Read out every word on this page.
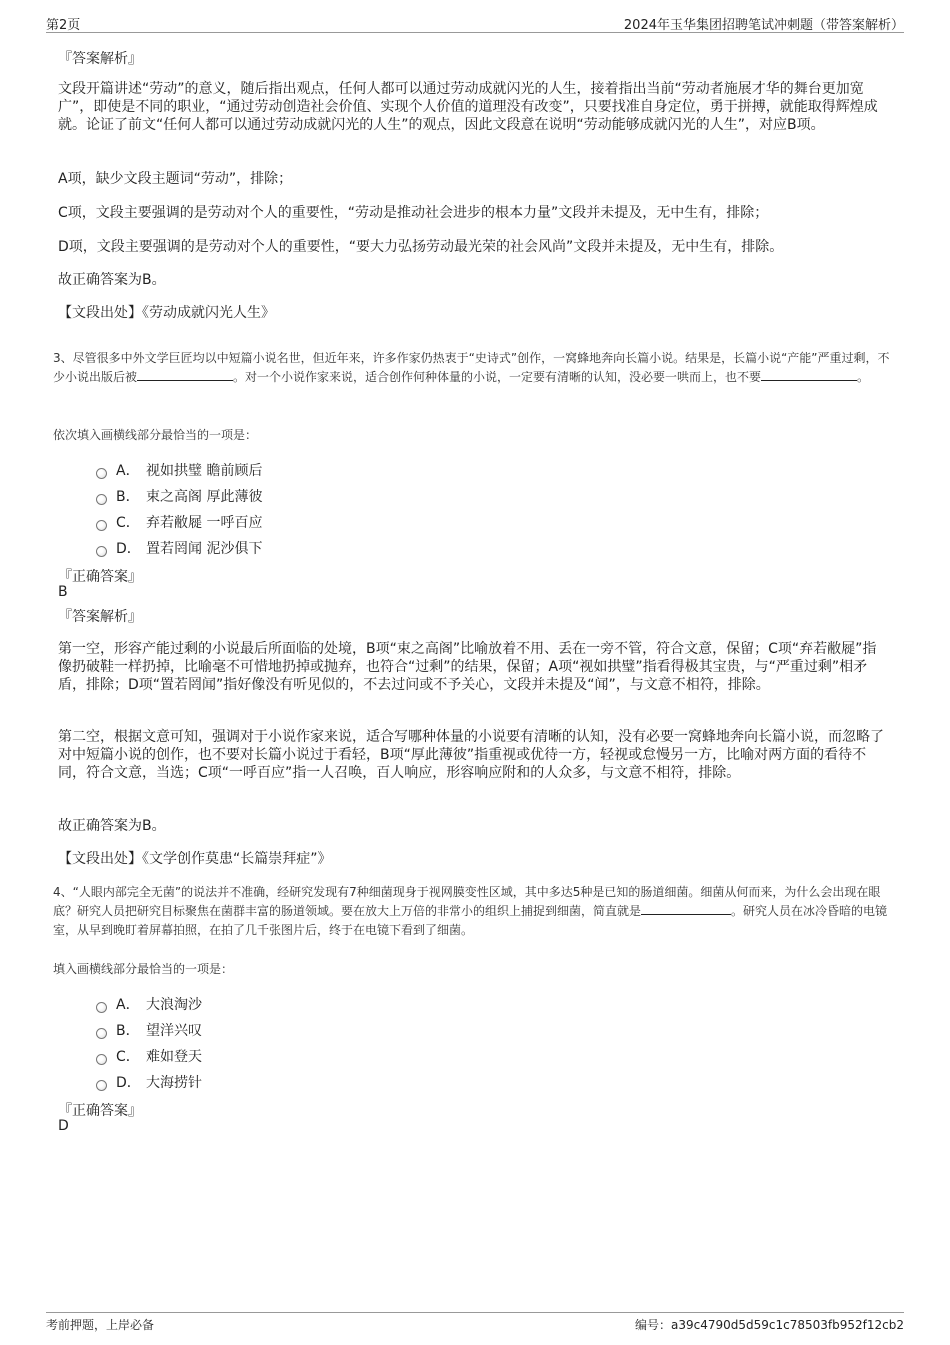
第2页	2024年玉华集团招聘笔试冲刺题（带答案解析）
『答案解析』

文段开篇讲述“劳动”的意义，随后指出观点，任何人都可以通过劳动成就闪光的人生，接着指出当前“劳动者施展才华的舞台更加宽广”，即使是不同的职业，“通过劳动创造社会价值、实现个人价值的道理没有改变”，只要找准自身定位，勇于拼搏，就能取得辉煌成就。论证了前文“任何人都可以通过劳动成就闪光的人生”的观点，因此文段意在说明“劳动能够成就闪光的人生”，对应B项。

A项，缺少文段主题词“劳动”，排除；
C项，文段主要强调的是劳动对个人的重要性，“劳动是推动社会进步的根本力量”文段并未提及，无中生有，排除；
D项，文段主要强调的是劳动对个人的重要性，“要大力弘扬劳动最光荣的社会风尚”文段并未提及，无中生有，排除。
故正确答案为B。
【文段出处】《劳动成就闪光人生》

3、尽管很多中外文学巨匠均以中短篇小说名世，但近年来，许多作家仍热衷于“史诗式”创作，一窝蜂地奔向长篇小说。结果是，长篇小说“产能”严重过剩，不少小说出版后被	。对一个小说作家来说，适合创作何种体量的小说，一定要有清晰的认知，没必要一哄而上，也不要	。

依次填入画横线部分最恰当的一项是：
A． 视如拱璧 瞻前顾后
B． 束之高阁 厚此薄彼
C． 弃若敝屣 一呼百应
D． 置若罔闻 泥沙俱下
『正确答案』
B
『答案解析』
第一空，形容产能过剩的小说最后所面临的处境，B项“束之高阁”比喻放着不用、丢在一旁不管，符合文意，保留；C项“弃若敝屣”指像扔破鞋一样扔掉，比喻毫不可惜地扔掉或抛弃，也符合“过剩”的结果，保留；A项“视如拱璧”指看得极其宝贵，与“严重过剩”相矛盾，排除；D项“置若罔闻”指好像没有听见似的，不去过问或不予关心，文段并未提及“闻”，与文意不相符，排除。
第二空，根据文意可知，强调对于小说作家来说，适合写哪种体量的小说要有清晰的认知，没有必要一窝蜂地奔向长篇小说，而忽略了对中短篇小说的创作，也不要对长篇小说过于看轻，B项“厚此薄彼”指重视或优待一方，轻视或怠慢另一方，比喻对两方面的看待不同，符合文意，当选；C项“一呼百应”指一人召唤，百人响应，形容响应附和的人众多，与文意不相符，排除。
故正确答案为B。
【文段出处】《文学创作莫患“长篇崇拜症”》

4、“人眼内部完全无菌”的说法并不准确，经研究发现有7种细菌现身于视网膜变性区域，其中多达5种是已知的肠道细菌。细菌从何而来，为什么会出现在眼底？研究人员把研究目标聚焦在菌群丰富的肠道领域。要在放大上万倍的非常小的组织上捕捉到细菌，简直就是	。研究人员在冰冷昏暗的电镜室，从早到晚盯着屏幕拍照，在拍了几千张图片后，终于在电镜下看到了细菌。

填入画横线部分最恰当的一项是：
A． 大浪淘沙
B． 望洋兴叹
C． 难如登天
D． 大海捞针
『正确答案』
D
考前押题，上岸必备	编号：a39c4790d5d59c1c78503fb952f12cb2
